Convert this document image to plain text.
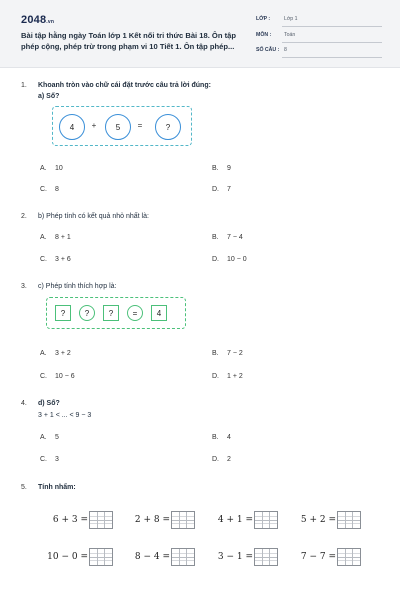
2048.vn
Bài tập hằng ngày Toán lớp 1 Kết nối tri thức Bài 18. Ôn tập phép cộng, phép trừ trong phạm vi 10 Tiết 1. Ôn tập phép...
LỚP :	Lớp 1
MÔN : Toán
SỐ CÂU : 8
1. Khoanh tròn vào chữ cái đặt trước câu trả lời đúng:
a) Số?
4	+	5	=	?
A. 10	B. 9
C. 8	D. 7
2. b) Phép tính có kết quả nhỏ nhất là:
A. 8 + 1	B. 7 − 4
C. 3 + 6	D. 10 − 0
3. c) Phép tính thích hợp là:
?	?	?	=	4
A. 3 + 2	B. 7 − 2
C. 10 − 6	D. 1 + 2
4. d) Số?
3 + 1 < ... < 9 − 3
A. 5	B. 4
C. 3	D. 2
5. Tính nhẩm:
6 + 3 =	2 + 8 =	4 + 1 =	5 + 2 =
10 − 0 =	8 − 4 =	3 − 1 =	7 − 7 =
